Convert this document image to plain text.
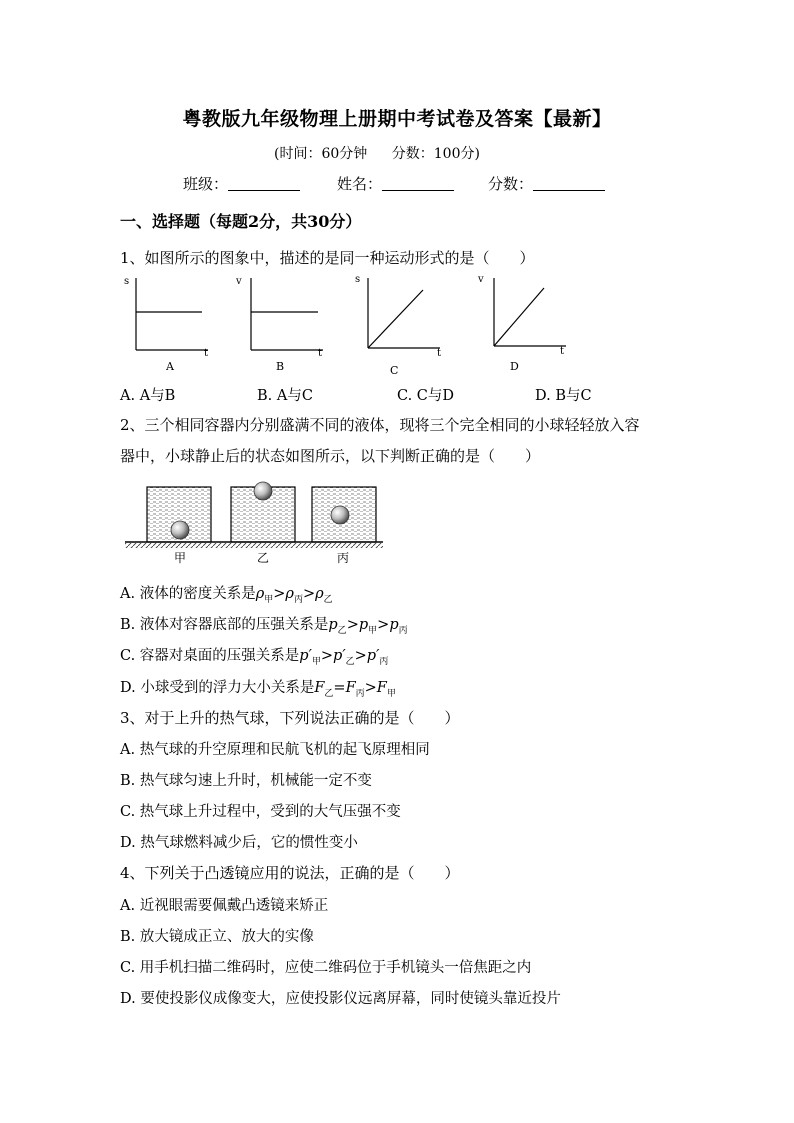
粤教版九年级物理上册期中考试卷及答案【最新】
(时间：60分钟 分数：100分)
班级：	姓名：	分数：
一、选择题（每题2分，共30分）
1、如图所示的图象中，描述的是同一种运动形式的是（　　）
s
t
A
v
t
B
s
t
C
v
t
D
A. A与B	B. A与C	C. C与D	D. B与C
2、三个相同容器内分别盛满不同的液体，现将三个完全相同的小球轻轻放入容
器中，小球静止后的状态如图所示，以下判断正确的是（　　）
甲	乙	丙
A. 液体的密度关系是$\rho_甲>\rho_丙>\rho_乙$
B. 液体对容器底部的压强关系是$p_乙>p_甲>p_丙$
C. 容器对桌面的压强关系是$p'_甲>p'_乙>p'_丙$
D. 小球受到的浮力大小关系是$F_乙=F_丙>F_甲$
3、对于上升的热气球，下列说法正确的是（　　）
A. 热气球的升空原理和民航飞机的起飞原理相同
B. 热气球匀速上升时，机械能一定不变
C. 热气球上升过程中，受到的大气压强不变
D. 热气球燃料减少后，它的惯性变小
4、下列关于凸透镜应用的说法，正确的是（　　）
A. 近视眼需要佩戴凸透镜来矫正
B. 放大镜成正立、放大的实像
C. 用手机扫描二维码时，应使二维码位于手机镜头一倍焦距之内
D. 要使投影仪成像变大，应使投影仪远离屏幕，同时使镜头靠近投片
